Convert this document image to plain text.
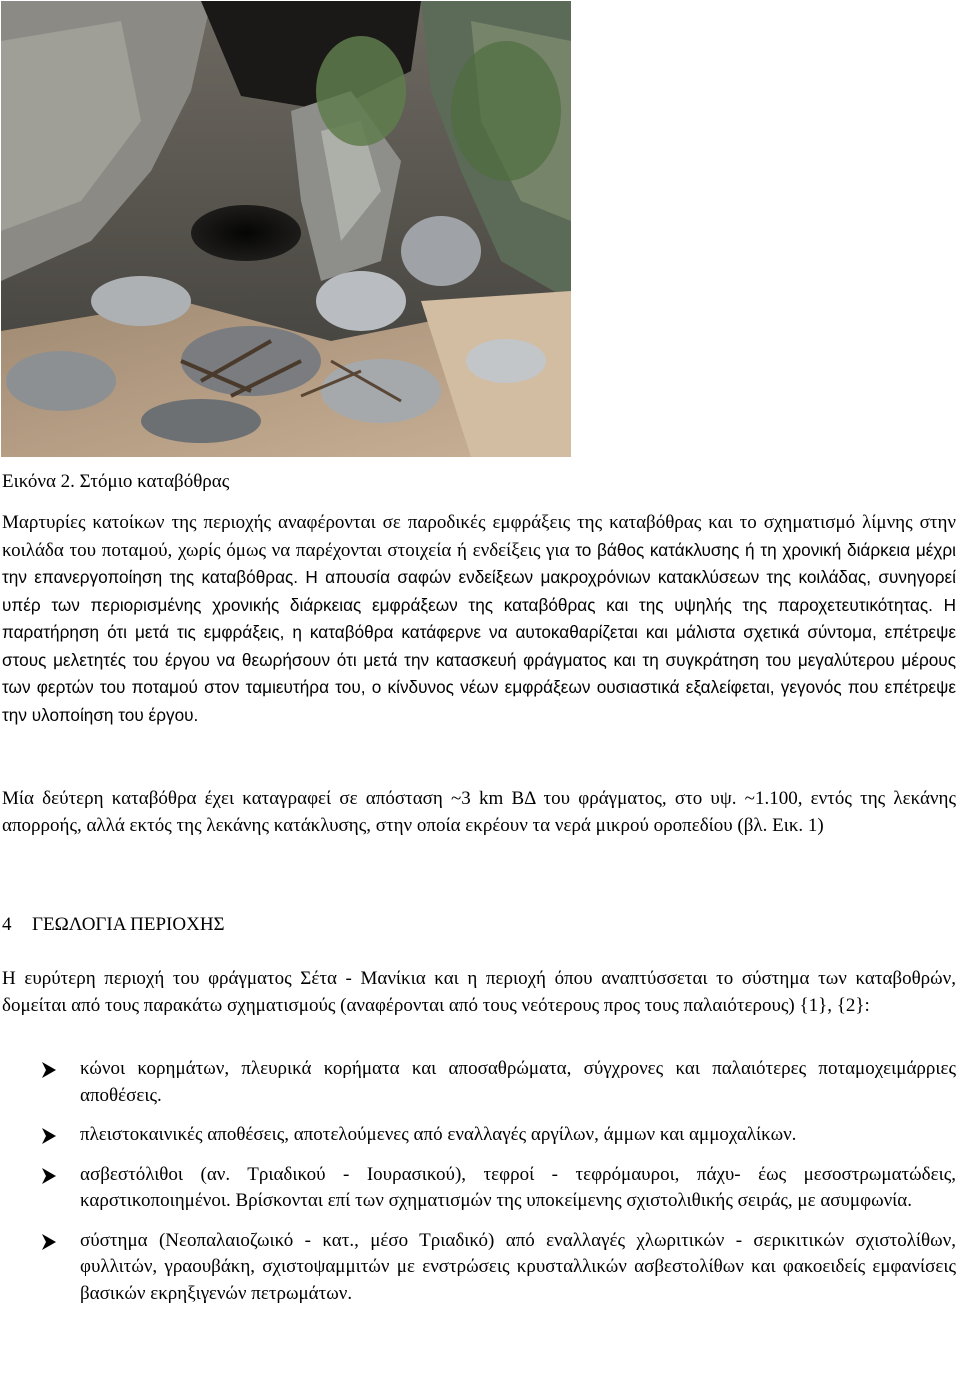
Εικόνα 2. Στόμιο καταβόθρας

Μαρτυρίες κατοίκων της περιοχής αναφέρονται σε παροδικές εμφράξεις της καταβόθρας και το σχηματισμό λίμνης στην κοιλάδα του ποταμού, χωρίς όμως να παρέχονται στοιχεία ή ενδείξεις για το βάθος κατάκλυσης ή τη χρονική διάρκεια μέχρι την επανεργοποίηση της καταβόθρας. Η απουσία σαφών ενδείξεων μακροχρόνιων κατακλύσεων της κοιλάδας, συνηγορεί υπέρ των περιορισμένης χρονικής διάρκειας εμφράξεων της καταβόθρας και της υψηλής της παροχετευτικότητας. Η παρατήρηση ότι μετά τις εμφράξεις, η καταβόθρα κατάφερνε να αυτοκαθαρίζεται και μάλιστα σχετικά σύντομα, επέτρεψε στους μελετητές του έργου να θεωρήσουν ότι μετά την κατασκευή φράγματος και τη συγκράτηση του μεγαλύτερου μέρους των φερτών του ποταμού στον ταμιευτήρα του, ο κίνδυνος νέων εμφράξεων ουσιαστικά εξαλείφεται, γεγονός που επέτρεψε την υλοποίηση του έργου.

Μία δεύτερη καταβόθρα έχει καταγραφεί σε απόσταση ~3 km ΒΔ του φράγματος, στο υψ. ~1.100, εντός της λεκάνης απορροής, αλλά εκτός της λεκάνης κατάκλυσης, στην οποία εκρέουν τα νερά μικρού οροπεδίου (βλ. Εικ. 1)

4 ΓΕΩΛΟΓΙΑ ΠΕΡΙΟΧΗΣ

Η ευρύτερη περιοχή του φράγματος Σέτα - Μανίκια και η περιοχή όπου αναπτύσσεται το σύστημα των καταβοθρών, δομείται από τους παρακάτω σχηματισμούς (αναφέρονται από τους νεότερους προς τους παλαιότερους) {1}, {2}:

κώνοι κορημάτων, πλευρικά κορήματα και αποσαθρώματα, σύγχρονες και παλαιότερες ποταμοχειμάρριες αποθέσεις.
πλειστοκαινικές αποθέσεις, αποτελούμενες από εναλλαγές αργίλων, άμμων και αμμοχαλίκων.
ασβεστόλιθοι (αν. Τριαδικού - Ιουρασικού), τεφροί - τεφρόμαυροι, πάχυ- έως μεσοστρωματώδεις, καρστικοποιημένοι. Βρίσκονται επί των σχηματισμών της υποκείμενης σχιστολιθικής σειράς, με ασυμφωνία.
σύστημα (Νεοπαλαιοζωικό - κατ., μέσο Τριαδικό) από εναλλαγές χλωριτικών - σερικιτικών σχιστολίθων, φυλλιτών, γραουβάκη, σχιστοψαμμιτών με ενστρώσεις κρυσταλλικών ασβεστολίθων και φακοειδείς εμφανίσεις βασικών εκρηξιγενών πετρωμάτων.
